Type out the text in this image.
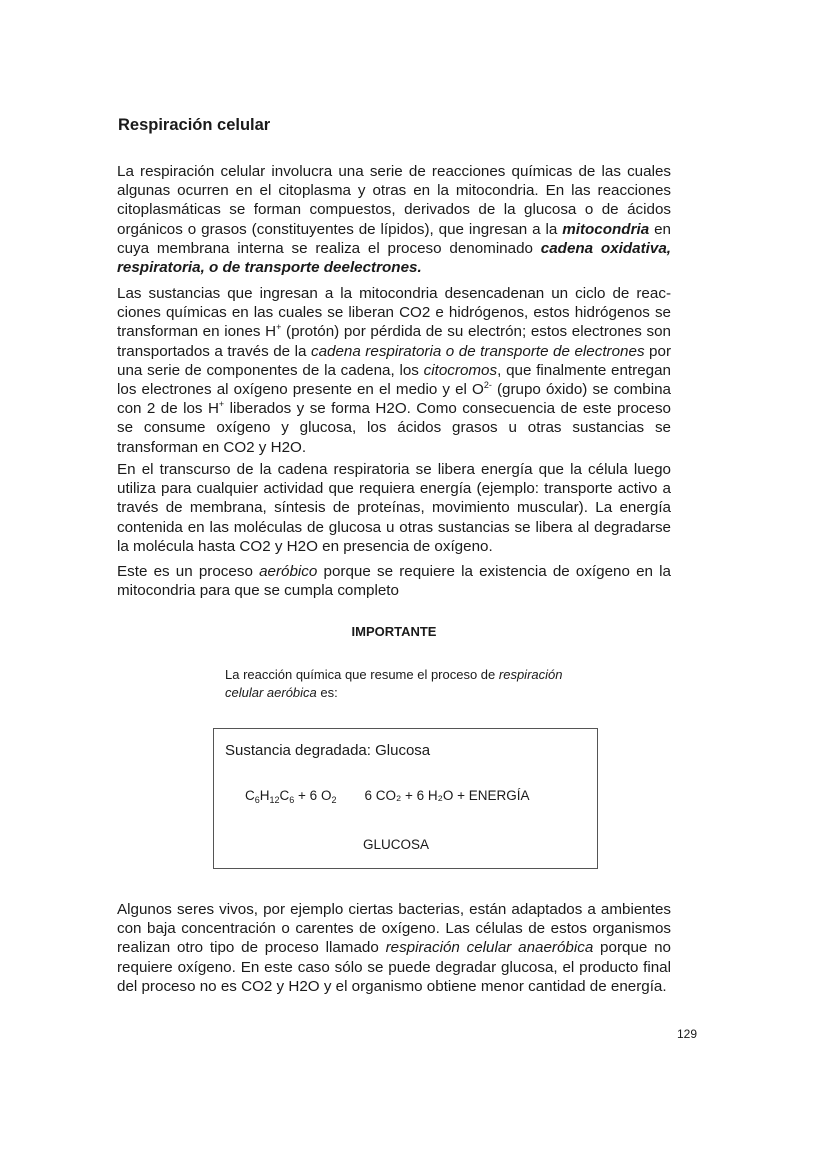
Respiración celular

La respiración celular involucra una serie de reacciones químicas de las cuales algunas ocurren en el citoplasma y otras en la mitocondria. En las reacciones citoplasmáticas se forman compuestos, derivados de la glucosa o de ácidos orgánicos o grasos (constituyentes de lípidos), que ingresan a la mitocondria en cuya membrana interna se realiza el proceso denominado cadena oxidativa, respiratoria, o de transporte deelectrones.

Las sustancias que ingresan a la mitocondria desencadenan un ciclo de reacciones químicas en las cuales se liberan CO2 e hidrógenos, estos hidrógenos se transforman en iones H+ (protón) por pérdida de su electrón; estos electrones son transportados a través de la cadena respiratoria o de transporte de electrones por una serie de componentes de la cadena, los citocromos, que finalmente entregan los electrones al oxígeno presente en el medio y el $O^{2-}$ (grupo óxido) se combina con 2 de los H+ liberados y se forma H2O. Como consecuencia de este proceso se consume oxígeno y glucosa, los ácidos grasos u otras sustancias se transforman en CO2 y H2O.

En el transcurso de la cadena respiratoria se libera energía que la célula luego utiliza para cualquier actividad que requiera energía (ejemplo: transporte activo a través de membrana, síntesis de proteínas, movimiento muscular). La energía contenida en las moléculas de glucosa u otras sustancias se libera al degradarse la molécula hasta CO2 y H2O en presencia de oxígeno.

Este es un proceso aeróbico porque se requiere la existencia de oxígeno en la mitocondria para que se cumpla completo

IMPORTANTE

La reacción química que resume el proceso de respiración celular aeróbica es:

Sustancia degradada: Glucosa
$C_6H_{12}C_6 + 6$ $O_2$ 6 CO₂ + 6 H₂O + ENERGÍA
GLUCOSA

Algunos seres vivos, por ejemplo ciertas bacterias, están adaptados a ambientes con baja concentración o carentes de oxígeno. Las células de estos organismos realizan otro tipo de proceso llamado respiración celular anaeróbica porque no requiere oxígeno. En este caso sólo se puede degradar glucosa, el producto final del proceso no es CO2 y H2O y el organismo obtiene menor cantidad de energía.

129
